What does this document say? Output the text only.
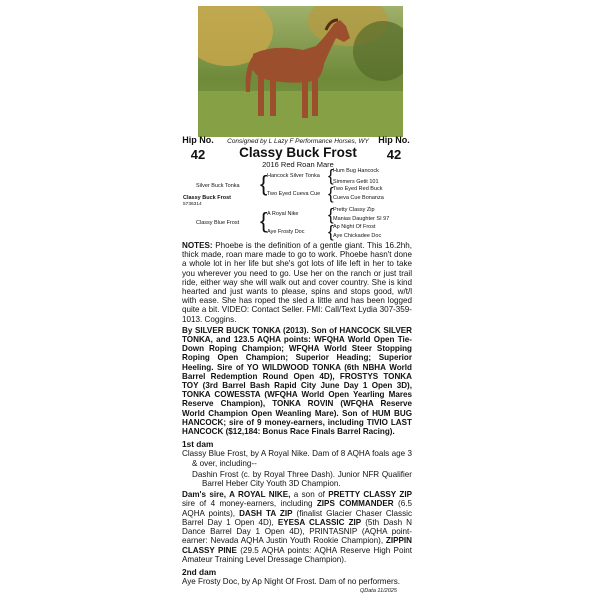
Hip No.
42
Consigned by L Lazy F Performance Horses, WY
Classy Buck Frost
2016 Red Roan Mare
Hip No.
42
Hum Bug Hancock
Simmers Getit 101
Two Eyed Red Buck
Cueva Cue Bonanza
Pretty Classy Zip
Manias Daughter SI 97
Ap Night Of Frost
Aye Chickadee Doc
{
{
{
{
Hancock Silver Tonka
Two Eyed Cueva Cue
A Royal Nike
Aye Frosty Doc
{
{
Silver Buck Tonka
Classy Buck Frost
5736314
Classy Blue Frost

NOTES: Phoebe is the definition of a gentle giant. This 16.2hh, thick made, roan mare made to go to work. Phoebe hasn't done a whole lot in her life but she's got lots of life left in her to take you wherever you need to go. Use her on the ranch or just trail ride, either way she will walk out and cover country. She is kind hearted and just wants to please, spins and stops good, w/t/l with ease. She has roped the sled a little and has been logged quite a bit. VIDEO: Contact Seller. FMI: Call/Text Lydia 307-359-1013. Coggins.

By SILVER BUCK TONKA (2013). Son of HANCOCK SILVER TONKA, and 123.5 AQHA points: WFQHA World Open Tie-Down Roping Champion; WFQHA World Steer Stopping Roping Open Champion; Superior Heading; Superior Heeling. Sire of YO WILDWOOD TONKA (6th NBHA World Barrel Redemption Round Open 4D), FROSTYS TONKA TOY (3rd Barrel Bash Rapid City June Day 1 Open 3D), TONKA COWESSTA (WFQHA World Open Yearling Mares Reserve Champion), TONKA ROVIN (WFQHA Reserve World Champion Open Weanling Mare). Son of HUM BUG HANCOCK; sire of 9 money-earners, including TIVIO LAST HANCOCK ($12,184: Bonus Race Finals Barrel Racing).

1st dam

Classy Blue Frost, by A Royal Nike. Dam of 8 AQHA foals age 3 & over, including--

Dashin Frost (c. by Royal Three Dash). Junior NFR Qualifier Barrel Heber City Youth 3D Champion.

Dam's sire, A ROYAL NIKE, a son of PRETTY CLASSY ZIP sire of 4 money-earners, including ZIPS COMMANDER (6.5 AQHA points), DASH TA ZIP (finalist Glacier Chaser Classic Barrel Day 1 Open 4D), EYESA CLASSIC ZIP (5th Dash N Dance Barrel Day 1 Open 4D), PRINTASNIP (AQHA point-earner: Nevada AQHA Justin Youth Rookie Champion), ZIPPIN CLASSY PINE (29.5 AQHA points: AQHA Reserve High Point Amateur Training Level Dressage Champion).

2nd dam

Aye Frosty Doc, by Ap Night Of Frost. Dam of no performers.

QData 11/2025
